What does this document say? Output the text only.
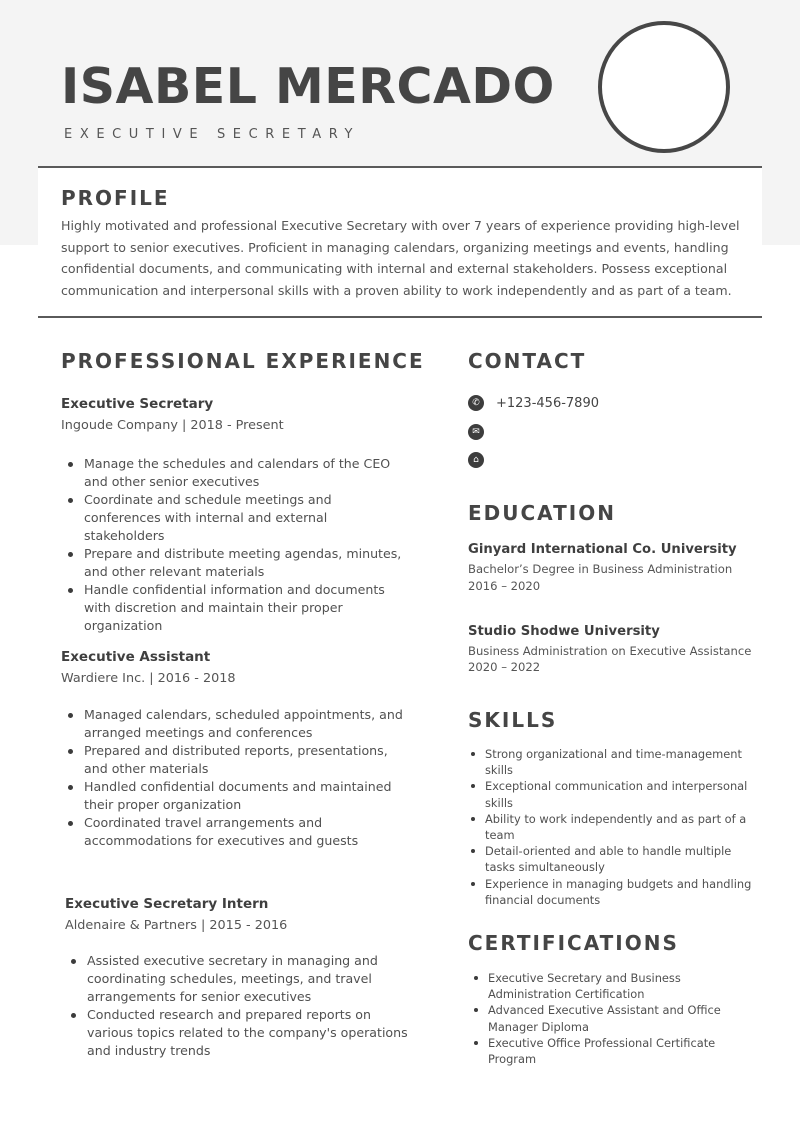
ISABEL MERCADO
EXECUTIVE SECRETARY
PROFILE
Highly motivated and professional Executive Secretary with over 7 years of experience providing high-level support to senior executives. Proficient in managing calendars, organizing meetings and events, handling confidential documents, and communicating with internal and external stakeholders. Possess exceptional communication and interpersonal skills with a proven ability to work independently and as part of a team.
PROFESSIONAL EXPERIENCE
Executive Secretary
Ingoude Company | 2018 - Present
Manage the schedules and calendars of the CEO and other senior executives
Coordinate and schedule meetings and conferences with internal and external stakeholders
Prepare and distribute meeting agendas, minutes, and other relevant materials
Handle confidential information and documents with discretion and maintain their proper organization
Executive Assistant
Wardiere Inc. | 2016 - 2018
Managed calendars, scheduled appointments, and arranged meetings and conferences
Prepared and distributed reports, presentations, and other materials
Handled confidential documents and maintained their proper organization
Coordinated travel arrangements and accommodations for executives and guests
Executive Secretary Intern
Aldenaire & Partners | 2015 - 2016
Assisted executive secretary in managing and coordinating schedules, meetings, and travel arrangements for senior executives
Conducted research and prepared reports on various topics related to the company's operations and industry trends
CONTACT
✆	+123-456-7890
✉
⌂
EDUCATION
Ginyard International Co. University
Bachelor’s Degree in Business Administration
2016 – 2020
Studio Shodwe University
Business Administration on Executive Assistance
2020 – 2022
SKILLS
Strong organizational and time-management skills
Exceptional communication and interpersonal skills
Ability to work independently and as part of a team
Detail-oriented and able to handle multiple tasks simultaneously
Experience in managing budgets and handling financial documents
CERTIFICATIONS
Executive Secretary and Business Administration Certification
Advanced Executive Assistant and Office Manager Diploma
Executive Office Professional Certificate Program
